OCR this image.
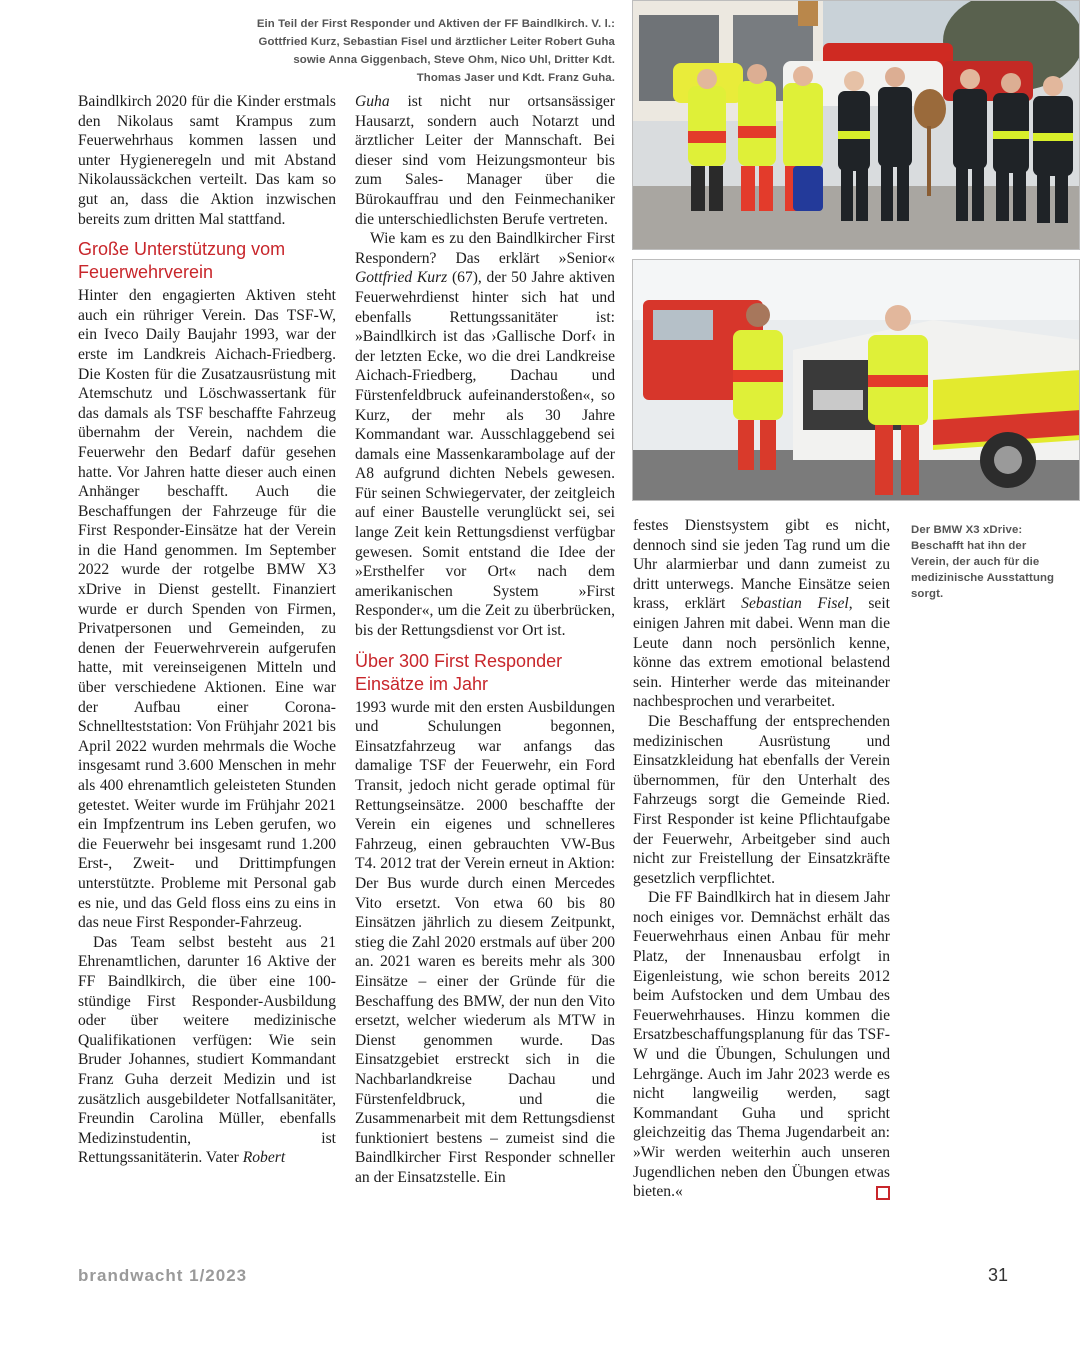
Ein Teil der First Responder und Aktiven der FF Baindlkirch. V. l.: Gottfried Kurz, Sebastian Fisel und ärztlicher Leiter Robert Guha sowie Anna Giggenbach, Steve Ohm, Nico Uhl, Dritter Kdt. Thomas Jaser und Kdt. Franz Guha.

Baindlkirch 2020 für die Kinder erstmals den Nikolaus samt Krampus zum Feuerwehrhaus kommen lassen und unter Hygieneregeln und mit Abstand Nikolaussäckchen verteilt. Das kam so gut an, dass die Aktion inzwischen bereits zum dritten Mal stattfand.

Große Unterstützung vom Feuerwehrverein

Hinter den engagierten Aktiven steht auch ein rühriger Verein. Das TSF-W, ein Iveco Daily Baujahr 1993, war der erste im Landkreis Aichach-Friedberg. Die Kosten für die Zusatzausrüstung mit Atemschutz und Löschwassertank für das damals als TSF beschaffte Fahrzeug übernahm der Verein, nachdem die Feuerwehr den Bedarf dafür gesehen hatte. Vor Jahren hatte dieser auch einen Anhänger beschafft. Auch die Beschaffungen der Fahrzeuge für die First Responder-Einsätze hat der Verein in die Hand genommen. Im September 2022 wurde der rotgelbe BMW X3 xDrive in Dienst gestellt. Finanziert wurde er durch Spenden von Firmen, Privatpersonen und Gemeinden, zu denen der Feuerwehrverein aufgerufen hatte, mit vereinseigenen Mitteln und über verschiedene Aktionen. Eine war der Aufbau einer Corona-Schnellteststation: Von Frühjahr 2021 bis April 2022 wurden mehrmals die Woche insgesamt rund 3.600 Menschen in mehr als 400 ehrenamtlich geleisteten Stunden getestet. Weiter wurde im Frühjahr 2021 ein Impfzentrum ins Leben gerufen, wo die Feuerwehr bei insgesamt rund 1.200 Erst-, Zweit- und Drittimpfungen unterstützte. Probleme mit Personal gab es nie, und das Geld floss eins zu eins in das neue First Responder-Fahrzeug.

Das Team selbst besteht aus 21 Ehrenamtlichen, darunter 16 Aktive der FF Baindlkirch, die über eine 100-stündige First Responder-Ausbildung oder über weitere medizinische Qualifikationen verfügen: Wie sein Bruder Johannes, studiert Kommandant Franz Guha derzeit Medizin und ist zusätzlich ausgebildeter Notfallsanitäter, Freundin Carolina Müller, ebenfalls Medizinstudentin, ist Rettungssanitäterin. Vater Robert

Guha ist nicht nur ortsansässiger Hausarzt, sondern auch Notarzt und ärztlicher Leiter der Mannschaft. Bei dieser sind vom Heizungsmonteur bis zum Sales- Manager über die Bürokauffrau und den Feinmechaniker die unterschiedlichsten Berufe vertreten.

Wie kam es zu den Baindlkircher First Respondern? Das erklärt »Senior« Gottfried Kurz (67), der 50 Jahre aktiven Feuerwehrdienst hinter sich hat und ebenfalls Rettungssanitäter ist: »Baindlkirch ist das ›Gallische Dorf‹ in der letzten Ecke, wo die drei Landkreise Aichach-Friedberg, Dachau und Fürstenfeldbruck aufeinanderstoßen«, so Kurz, der mehr als 30 Jahre Kommandant war. Ausschlaggebend sei damals eine Massenkarambolage auf der A8 aufgrund dichten Nebels gewesen. Für seinen Schwiegervater, der zeitgleich auf einer Baustelle verunglückt sei, sei lange Zeit kein Rettungsdienst verfügbar gewesen. Somit entstand die Idee der »Ersthelfer vor Ort« nach dem amerikanischen System »First Responder«, um die Zeit zu überbrücken, bis der Rettungsdienst vor Ort ist.

Über 300 First Responder Einsätze im Jahr

1993 wurde mit den ersten Ausbildungen und Schulungen begonnen, Einsatzfahrzeug war anfangs das damalige TSF der Feuerwehr, ein Ford Transit, jedoch nicht gerade optimal für Rettungseinsätze. 2000 beschaffte der Verein ein eigenes und schnelleres Fahrzeug, einen gebrauchten VW-Bus T4. 2012 trat der Verein erneut in Aktion: Der Bus wurde durch einen Mercedes Vito ersetzt. Von etwa 60 bis 80 Einsätzen jährlich zu diesem Zeitpunkt, stieg die Zahl 2020 erstmals auf über 200 an. 2021 waren es bereits mehr als 300 Einsätze – einer der Gründe für die Beschaffung des BMW, der nun den Vito ersetzt, welcher wiederum als MTW in Dienst genommen wurde. Das Einsatzgebiet erstreckt sich in die Nachbarlandkreise Dachau und Fürstenfeldbruck, und die Zusammenarbeit mit dem Rettungsdienst funktioniert bestens – zumeist sind die Baindlkircher First Responder schneller an der Einsatzstelle. Ein

festes Dienstsystem gibt es nicht, dennoch sind sie jeden Tag rund um die Uhr alarmierbar und dann zumeist zu dritt unterwegs. Manche Einsätze seien krass, erklärt Sebastian Fisel, seit einigen Jahren mit dabei. Wenn man die Leute dann noch persönlich kenne, könne das extrem emotional belastend sein. Hinterher werde das miteinander nachbesprochen und verarbeitet.

Die Beschaffung der entsprechenden medizinischen Ausrüstung und Einsatzkleidung hat ebenfalls der Verein übernommen, für den Unterhalt des Fahrzeugs sorgt die Gemeinde Ried. First Responder ist keine Pflichtaufgabe der Feuerwehr, Arbeitgeber sind auch nicht zur Freistellung der Einsatzkräfte gesetzlich verpflichtet.

Die FF Baindlkirch hat in diesem Jahr noch einiges vor. Demnächst erhält das Feuerwehrhaus einen Anbau für mehr Platz, der Innenausbau erfolgt in Eigenleistung, wie schon bereits 2012 beim Aufstocken und dem Umbau des Feuerwehrhauses. Hinzu kommen die Ersatzbeschaffungsplanung für das TSF-W und die Übungen, Schulungen und Lehrgänge. Auch im Jahr 2023 werde es nicht langweilig werden, sagt Kommandant Guha und spricht gleichzeitig das Thema Jugendarbeit an: »Wir werden weiterhin auch unseren Jugendlichen neben den Übungen etwas bieten.«

Der BMW X3 xDrive: Beschafft hat ihn der Verein, der auch für die medizinische Ausstattung sorgt.
brandwacht 1/2023	31
